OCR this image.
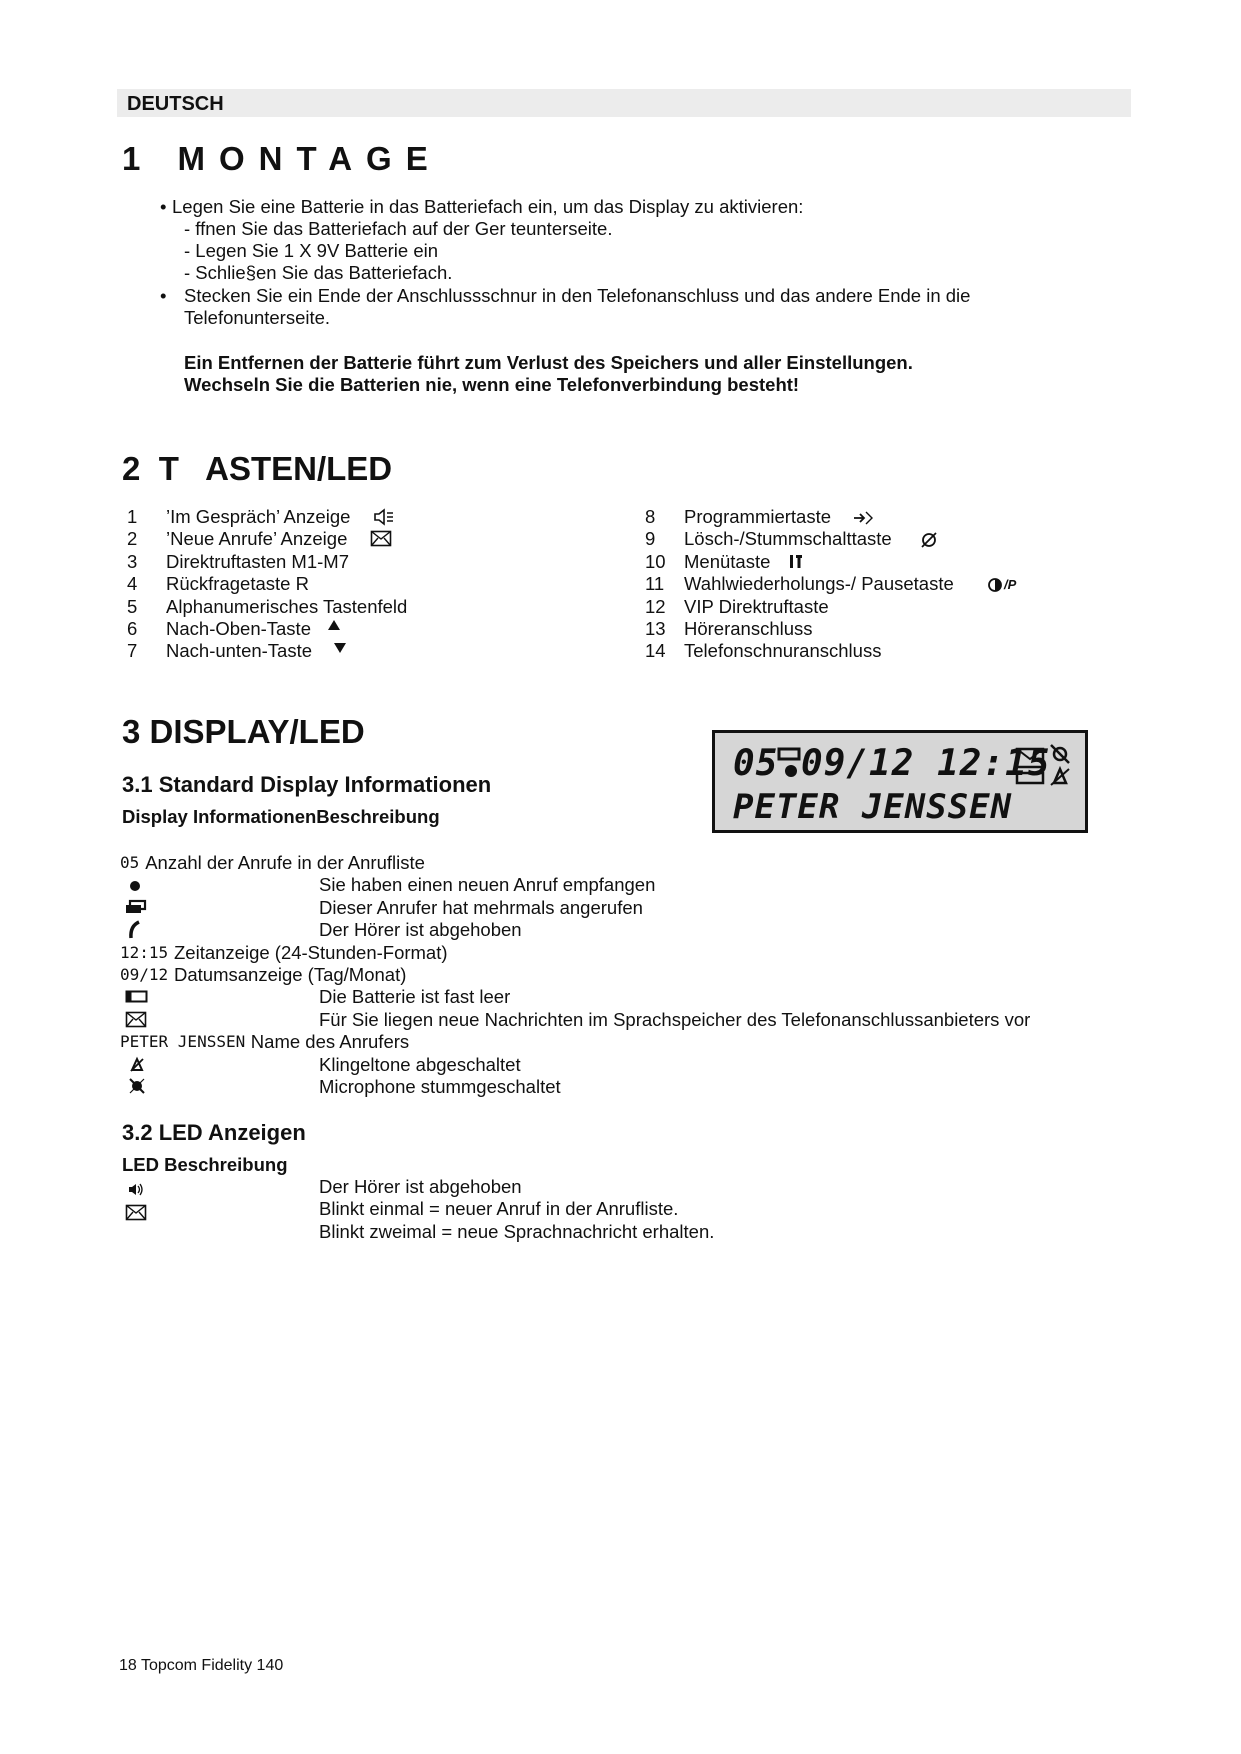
DEUTSCH
1 MONTAGE
• Legen Sie eine Batterie in das Batteriefach ein, um das Display zu aktivieren:
- ffnen Sie das Batteriefach auf der Ger teunterseite.
- Legen Sie 1 X 9V Batterie ein
- Schlie§en Sie das Batteriefach.
• Stecken Sie ein Ende der Anschlussschnur in den Telefonanschluss und das andere Ende in die
Telefonunterseite.
Ein Entfernen der Batterie führt zum Verlust des Speichers und aller Einstellungen.
Wechseln Sie die Batterien nie, wenn eine Telefonverbindung besteht!
2  T   ASTEN/LED
1 ’Im Gespräch’ Anzeige
2 ’Neue Anrufe’ Anzeige
3 Direktruftasten M1-M7
4 Rückfragetaste R
5 Alphanumerisches Tastenfeld
6 Nach-Oben-Taste
7 Nach-unten-Taste
8 Programmiertaste
9 Lösch-/Stummschalttaste
10 Menütaste
11 Wahlwiederholungs-/ Pausetaste
12 VIP Direktruftaste
13 Höreranschluss
14 Telefonschnuranschluss
/P
3 DISPLAY/LED
3.1 Standard Display Informationen
Display InformationenBeschreibung
05 09/12 12:15
PETER JENSSEN
05 Anzahl der Anrufe in der Anrufliste
Sie haben einen neuen Anruf empfangen
Dieser Anrufer hat mehrmals angerufen
Der Hörer ist abgehoben
12:15 Zeitanzeige (24-Stunden-Format)
09/12 Datumsanzeige (Tag/Monat)
Die Batterie ist fast leer
Für Sie liegen neue Nachrichten im Sprachspeicher des Telefonanschlussanbieters vor
PETER JENSSEN Name des Anrufers
Klingeltone abgeschaltet
Microphone stummgeschaltet
3.2 LED Anzeigen
LED Beschreibung
Der Hörer ist abgehoben
Blinkt einmal = neuer Anruf in der Anrufliste.
Blinkt zweimal = neue Sprachnachricht erhalten.
18 Topcom Fidelity 140
